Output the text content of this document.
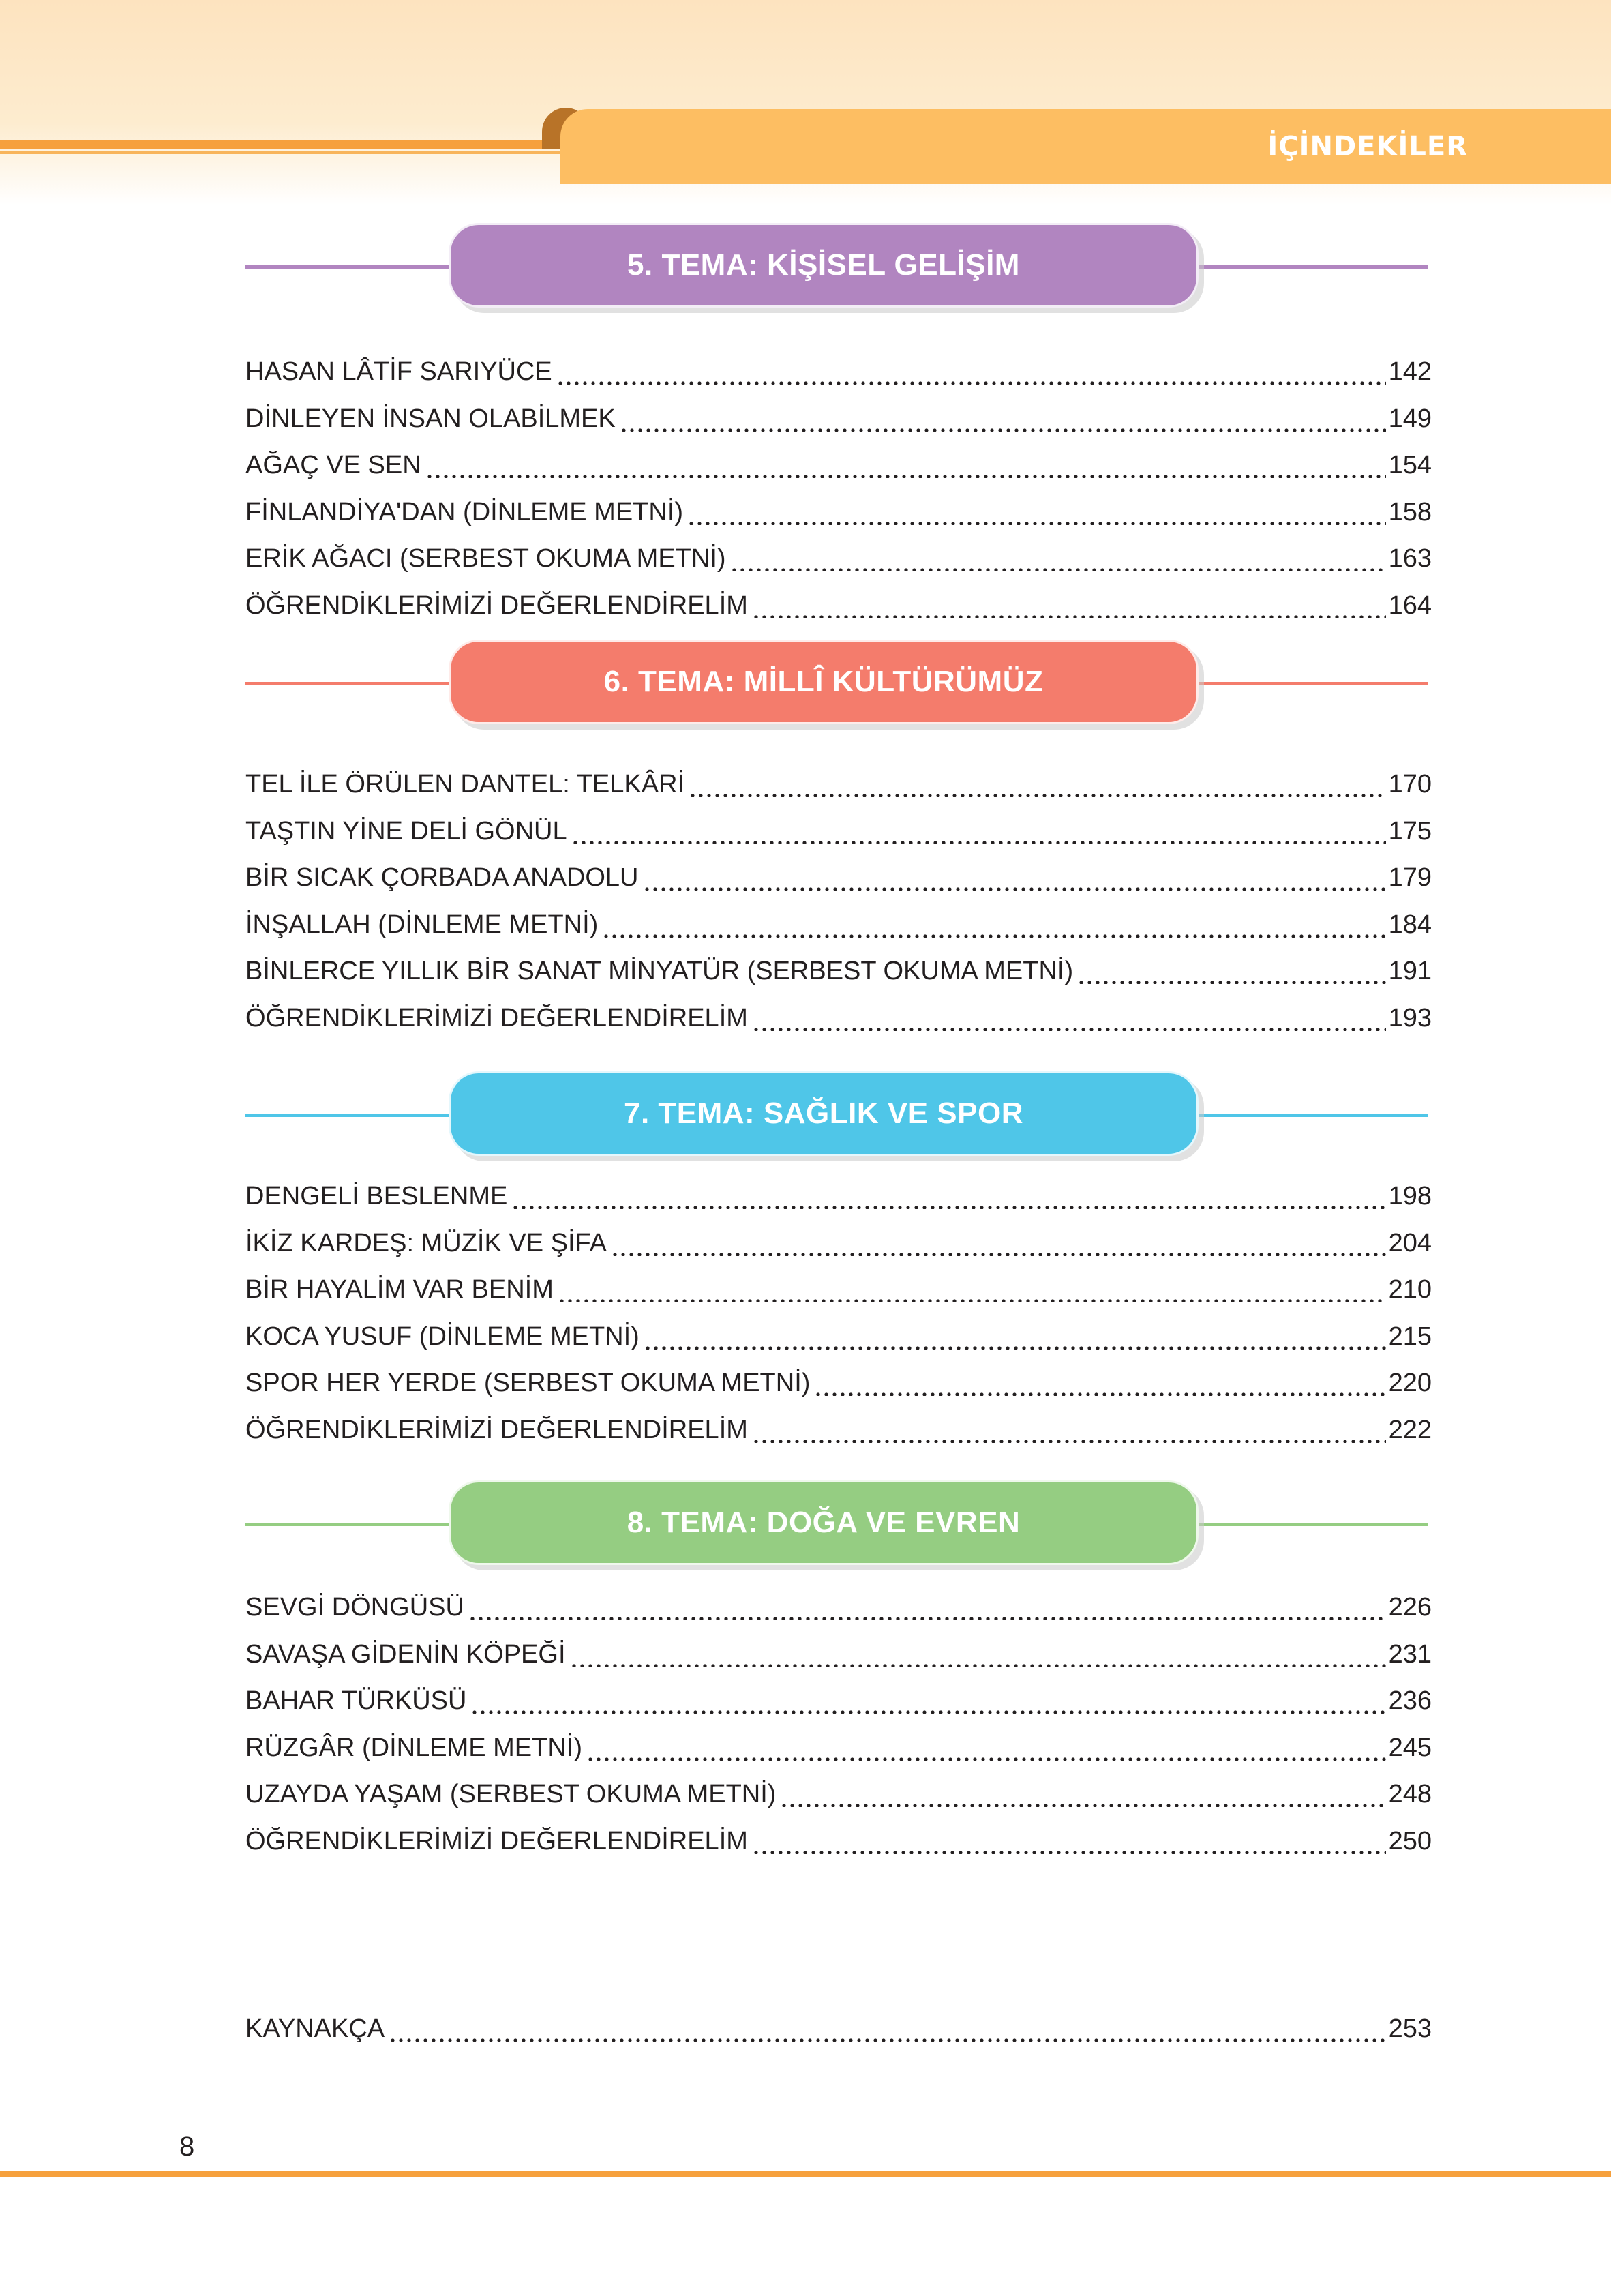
İÇİNDEKİLER
5. TEMA: KİŞİSEL GELİŞİM
HASAN LÂTİF SARIYÜCE	142
DİNLEYEN İNSAN OLABİLMEK	149
AĞAÇ VE SEN	154
FİNLANDİYA'DAN (DİNLEME METNİ)	158
ERİK AĞACI (SERBEST OKUMA METNİ)	163
ÖĞRENDİKLERİMİZİ DEĞERLENDİRELİM	164
6. TEMA: MİLLÎ KÜLTÜRÜMÜZ
TEL İLE ÖRÜLEN DANTEL: TELKÂRİ	170
TAŞTIN YİNE DELİ GÖNÜL	175
BİR SICAK ÇORBADA ANADOLU	179
İNŞALLAH (DİNLEME METNİ)	184
BİNLERCE YILLIK BİR SANAT MİNYATÜR (SERBEST OKUMA METNİ)	191
ÖĞRENDİKLERİMİZİ DEĞERLENDİRELİM	193
7. TEMA: SAĞLIK VE SPOR
DENGELİ BESLENME	198
İKİZ KARDEŞ: MÜZİK VE ŞİFA	204
BİR HAYALİM VAR BENİM	210
KOCA YUSUF (DİNLEME METNİ)	215
SPOR HER YERDE (SERBEST OKUMA METNİ)	220
ÖĞRENDİKLERİMİZİ DEĞERLENDİRELİM	222
8. TEMA: DOĞA VE EVREN
SEVGİ DÖNGÜSÜ	226
SAVAŞA GİDENİN KÖPEĞİ	231
BAHAR TÜRKÜSÜ	236
RÜZGÂR (DİNLEME METNİ)	245
UZAYDA YAŞAM (SERBEST OKUMA METNİ)	248
ÖĞRENDİKLERİMİZİ DEĞERLENDİRELİM	250
KAYNAKÇA	253
8
